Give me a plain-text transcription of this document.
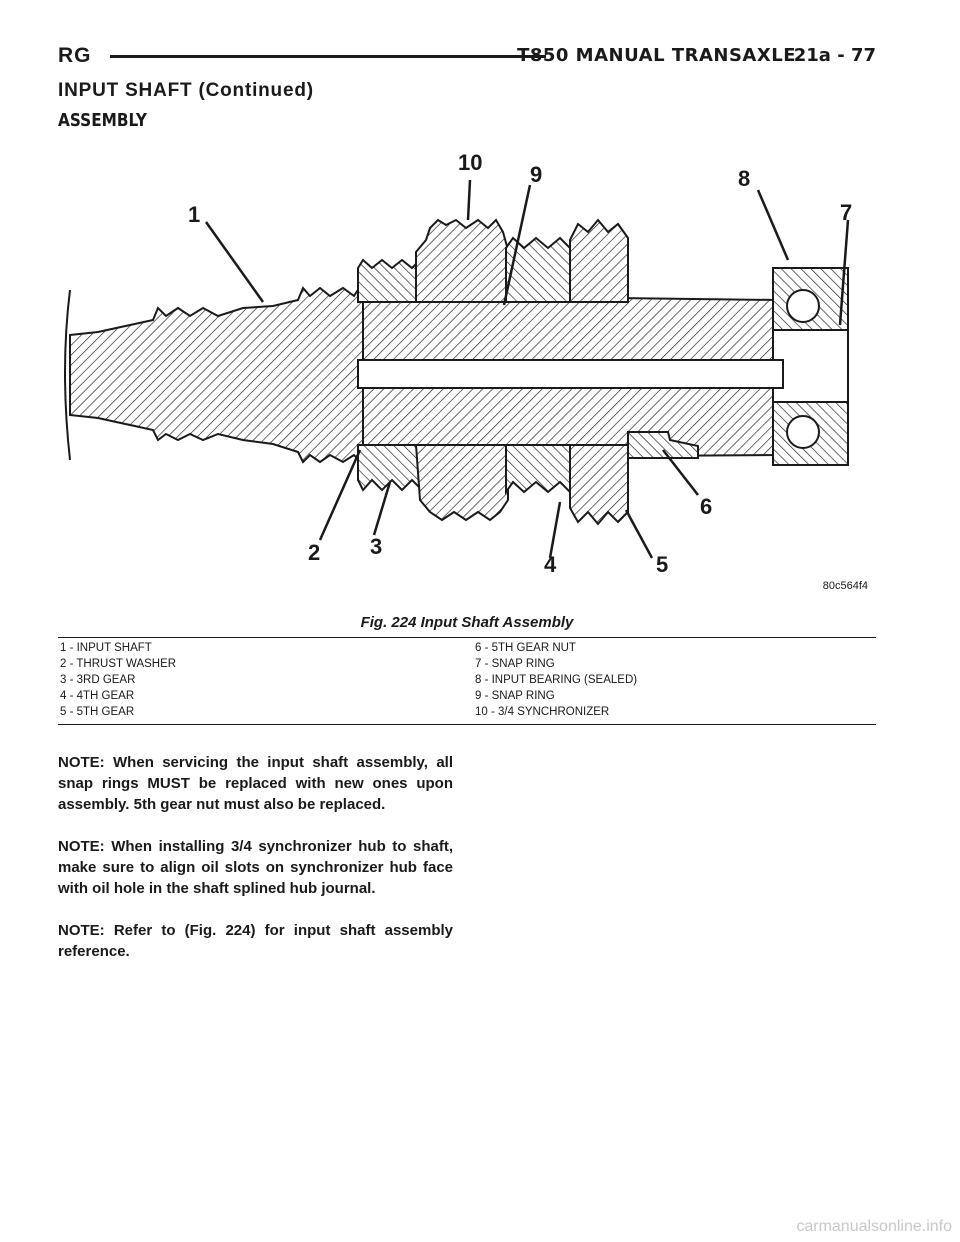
RG	T850 MANUAL TRANSAXLE
21a - 77
INPUT SHAFT (Continued)
ASSEMBLY
1
2 3
4	5
6
7
8
9
10
80c564f4
Fig. 224 Input Shaft Assembly
1 - INPUT SHAFT
2 - THRUST WASHER
3 - 3RD GEAR
4 - 4TH GEAR
5 - 5TH GEAR
6 - 5TH GEAR NUT
7 - SNAP RING
8 - INPUT BEARING (SEALED)
9 - SNAP RING
10 - 3/4 SYNCHRONIZER

NOTE: When servicing the input shaft assembly, all snap rings MUST be replaced with new ones upon assembly. 5th gear nut must also be replaced.

NOTE: When installing 3/4 synchronizer hub to shaft, make sure to align oil slots on synchronizer hub face with oil hole in the shaft splined hub journal.

NOTE: Refer to (Fig. 224) for input shaft assembly reference.

carmanualsonline.info
